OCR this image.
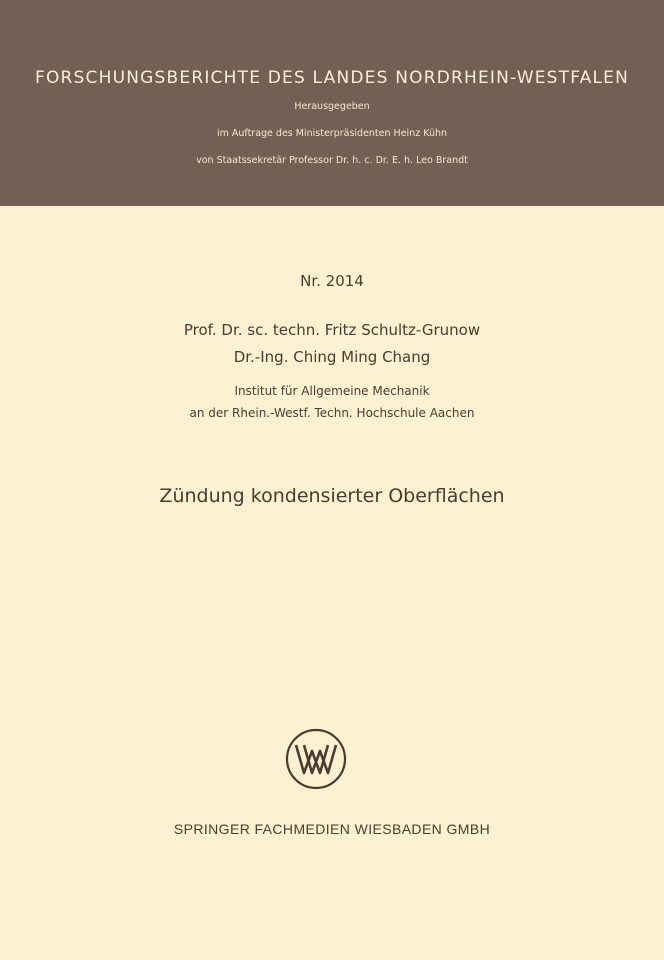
FORSCHUNGSBERICHTE DES LANDES NORDRHEIN-WESTFALEN
Herausgegeben
im Auftrage des Ministerpräsidenten Heinz Kühn
von Staatssekretär Professor Dr. h. c. Dr. E. h. Leo Brandt
Nr. 2014
Prof. Dr. sc. techn. Fritz Schultz-Grunow
Dr.-Ing. Ching Ming Chang
Institut für Allgemeine Mechanik
an der Rhein.-Westf. Techn. Hochschule Aachen
Zündung kondensierter Oberflächen
SPRINGER FACHMEDIEN WIESBADEN GMBH
